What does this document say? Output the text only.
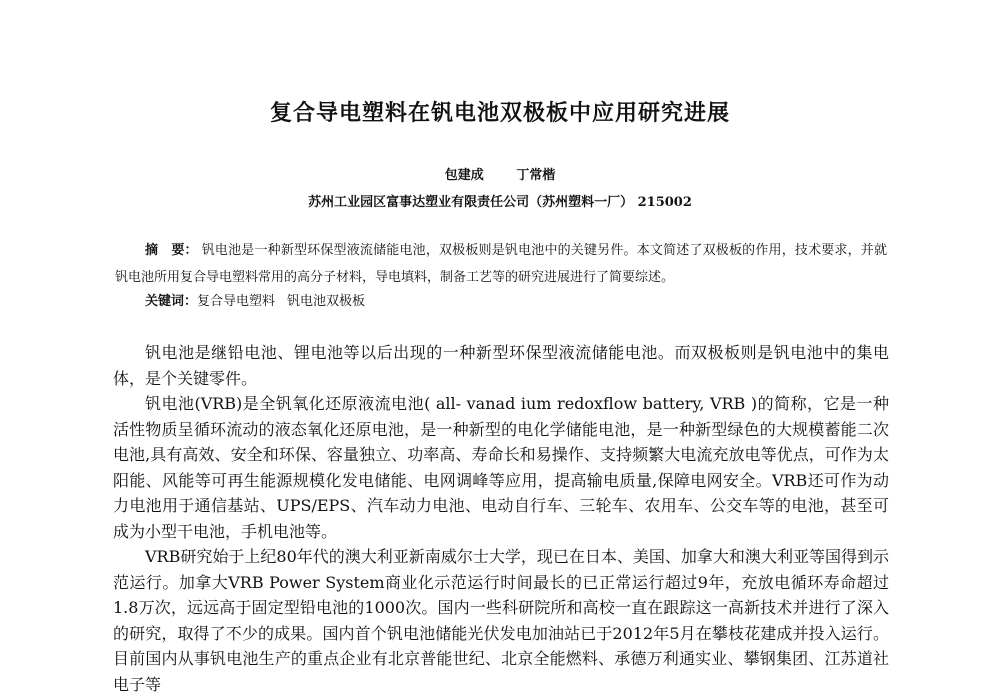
复合导电塑料在钒电池双极板中应用研究进展
包建成	丁常楷
苏州工业园区富事达塑业有限责任公司（苏州塑料一厂） 215002
摘　要： 钒电池是一种新型环保型液流储能电池，双极板则是钒电池中的关键另件。本文简述了双极板的作用，技术要求，并就钒电池所用复合导电塑料常用的高分子材料，导电填料，制备工艺等的研究进展进行了简要综述。
关键词：复合导电塑料 钒电池双极板

钒电池是继铅电池、锂电池等以后出现的一种新型环保型液流储能电池。而双极板则是钒电池中的集电体，是个关键零件。

钒电池(VRB)是全钒氧化还原液流电池( all- vanad ium redoxflow battery, VRB )的简称，它是一种活性物质呈循环流动的液态氧化还原电池，是一种新型的电化学储能电池，是一种新型绿色的大规模蓄能二次电池,具有高效、安全和环保、容量独立、功率高、寿命长和易操作、支持频繁大电流充放电等优点，可作为太阳能、风能等可再生能源规模化发电储能、电网调峰等应用，提高输电质量,保障电网安全。VRB还可作为动力电池用于通信基站、UPS/EPS、汽车动力电池、电动自行车、三轮车、农用车、公交车等的电池，甚至可成为小型干电池，手机电池等。

VRB研究始于上纪80年代的澳大利亚新南威尔士大学，现已在日本、美国、加拿大和澳大利亚等国得到示范运行。加拿大VRB Power System商业化示范运行时间最长的已正常运行超过9年，充放电循环寿命超过1.8万次，远远高于固定型铅电池的1000次。国内一些科研院所和高校一直在跟踪这一高新技术并进行了深入的研究，取得了不少的成果。国内首个钒电池储能光伏发电加油站已于2012年5月在攀枝花建成并投入运行。目前国内从事钒电池生产的重点企业有北京普能世纪、北京全能燃料、承德万利通实业、攀钢集团、江苏道社电子等
